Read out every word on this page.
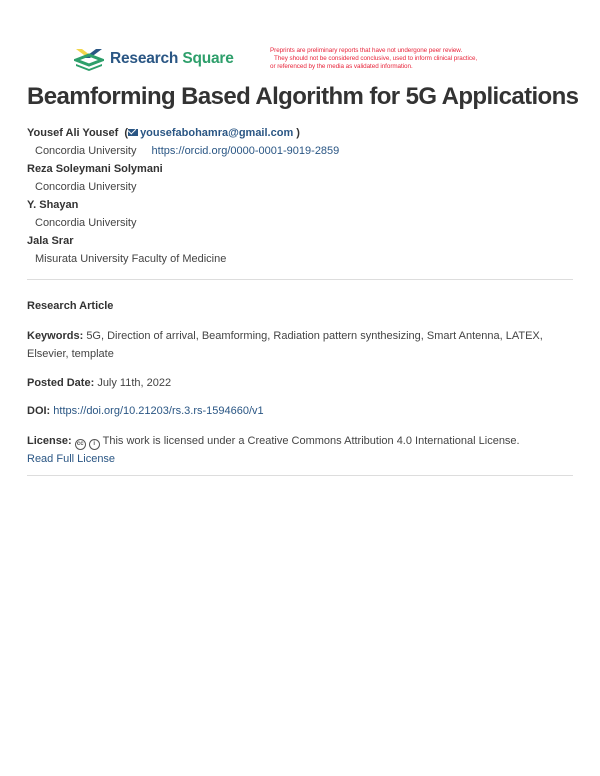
Research Square	Preprints are preliminary reports that have not undergone peer review.
They should not be considered conclusive, used to inform clinical practice,
or referenced by the media as validated information.
Beamforming Based Algorithm for 5G Applications
Yousef Ali Yousef  ( yousefabohamra@gmail.com )
Concordia University https://orcid.org/0000-0001-9019-2859
Reza Soleymani Solymani
Concordia University
Y. Shayan
Concordia University
Jala Srar
Misurata University Faculty of Medicine
Research Article
Keywords: 5G, Direction of arrival, Beamforming, Radiation pattern synthesizing, Smart Antenna, LATEX, Elsevier, template
Posted Date: July 11th, 2022
DOI: https://doi.org/10.21203/rs.3.rs-1594660/v1
License: cc i This work is licensed under a Creative Commons Attribution 4.0 International License.
Read Full License
